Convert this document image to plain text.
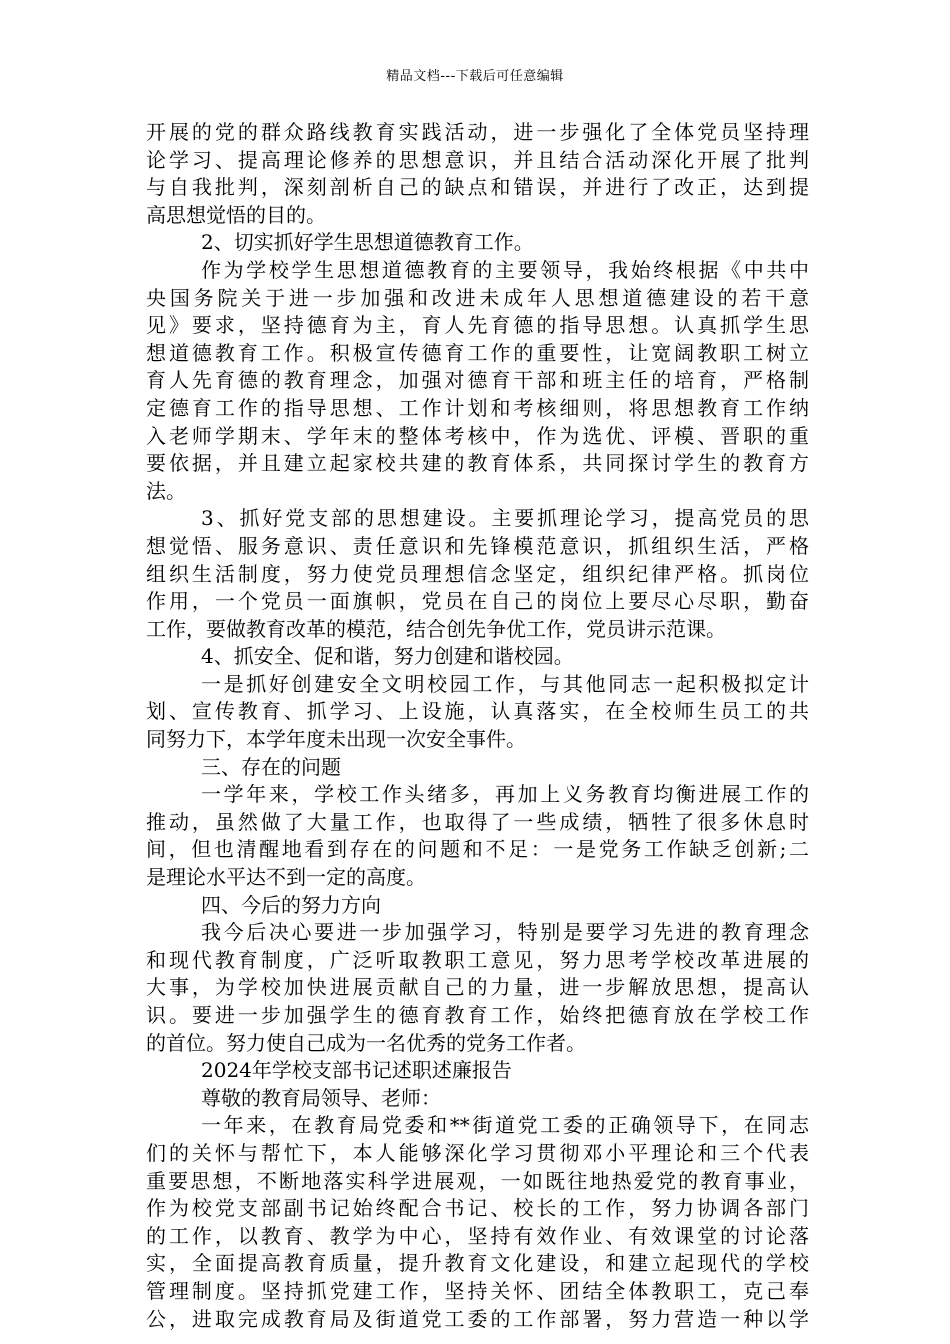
精品文档---下载后可任意编辑
开展的党的群众路线教育实践活动，进一步强化了全体党员坚持理
论学习、提高理论修养的思想意识，并且结合活动深化开展了批判
与自我批判，深刻剖析自己的缺点和错误，并进行了改正，达到提
高思想觉悟的目的。
2、切实抓好学生思想道德教育工作。
作为学校学生思想道德教育的主要领导，我始终根据《中共中
央国务院关于进一步加强和改进未成年人思想道德建设的若干意
见》要求，坚持德育为主，育人先育德的指导思想。认真抓学生思
想道德教育工作。积极宣传德育工作的重要性，让宽阔教职工树立
育人先育德的教育理念，加强对德育干部和班主任的培育，严格制
定德育工作的指导思想、工作计划和考核细则，将思想教育工作纳
入老师学期末、学年末的整体考核中，作为选优、评模、晋职的重
要依据，并且建立起家校共建的教育体系，共同探讨学生的教育方
法。
3、抓好党支部的思想建设。主要抓理论学习，提高党员的思
想觉悟、服务意识、责任意识和先锋模范意识，抓组织生活，严格
组织生活制度，努力使党员理想信念坚定，组织纪律严格。抓岗位
作用，一个党员一面旗帜，党员在自己的岗位上要尽心尽职，勤奋
工作，要做教育改革的模范，结合创先争优工作，党员讲示范课。
4、抓安全、促和谐，努力创建和谐校园。
一是抓好创建安全文明校园工作，与其他同志一起积极拟定计
划、宣传教育、抓学习、上设施，认真落实，在全校师生员工的共
同努力下，本学年度未出现一次安全事件。
三、存在的问题
一学年来，学校工作头绪多，再加上义务教育均衡进展工作的
推动，虽然做了大量工作，也取得了一些成绩，牺牲了很多休息时
间，但也清醒地看到存在的问题和不足：一是党务工作缺乏创新;二
是理论水平达不到一定的高度。
四、今后的努力方向
我今后决心要进一步加强学习，特别是要学习先进的教育理念
和现代教育制度，广泛听取教职工意见，努力思考学校改革进展的
大事，为学校加快进展贡献自己的力量，进一步解放思想，提高认
识。要进一步加强学生的德育教育工作，始终把德育放在学校工作
的首位。努力使自己成为一名优秀的党务工作者。
2024年学校支部书记述职述廉报告
尊敬的教育局领导、老师：
一年来，在教育局党委和**街道党工委的正确领导下，在同志
们的关怀与帮忙下，本人能够深化学习贯彻邓小平理论和三个代表
重要思想，不断地落实科学进展观，一如既往地热爱党的教育事业，
作为校党支部副书记始终配合书记、校长的工作，努力协调各部门
的工作，以教育、教学为中心，坚持有效作业、有效课堂的讨论落
实，全面提高教育质量，提升教育文化建设，和建立起现代的学校
管理制度。坚持抓党建工作，坚持关怀、团结全体教职工，克己奉
公，进取完成教育局及街道党工委的工作部署，努力营造一种以学
